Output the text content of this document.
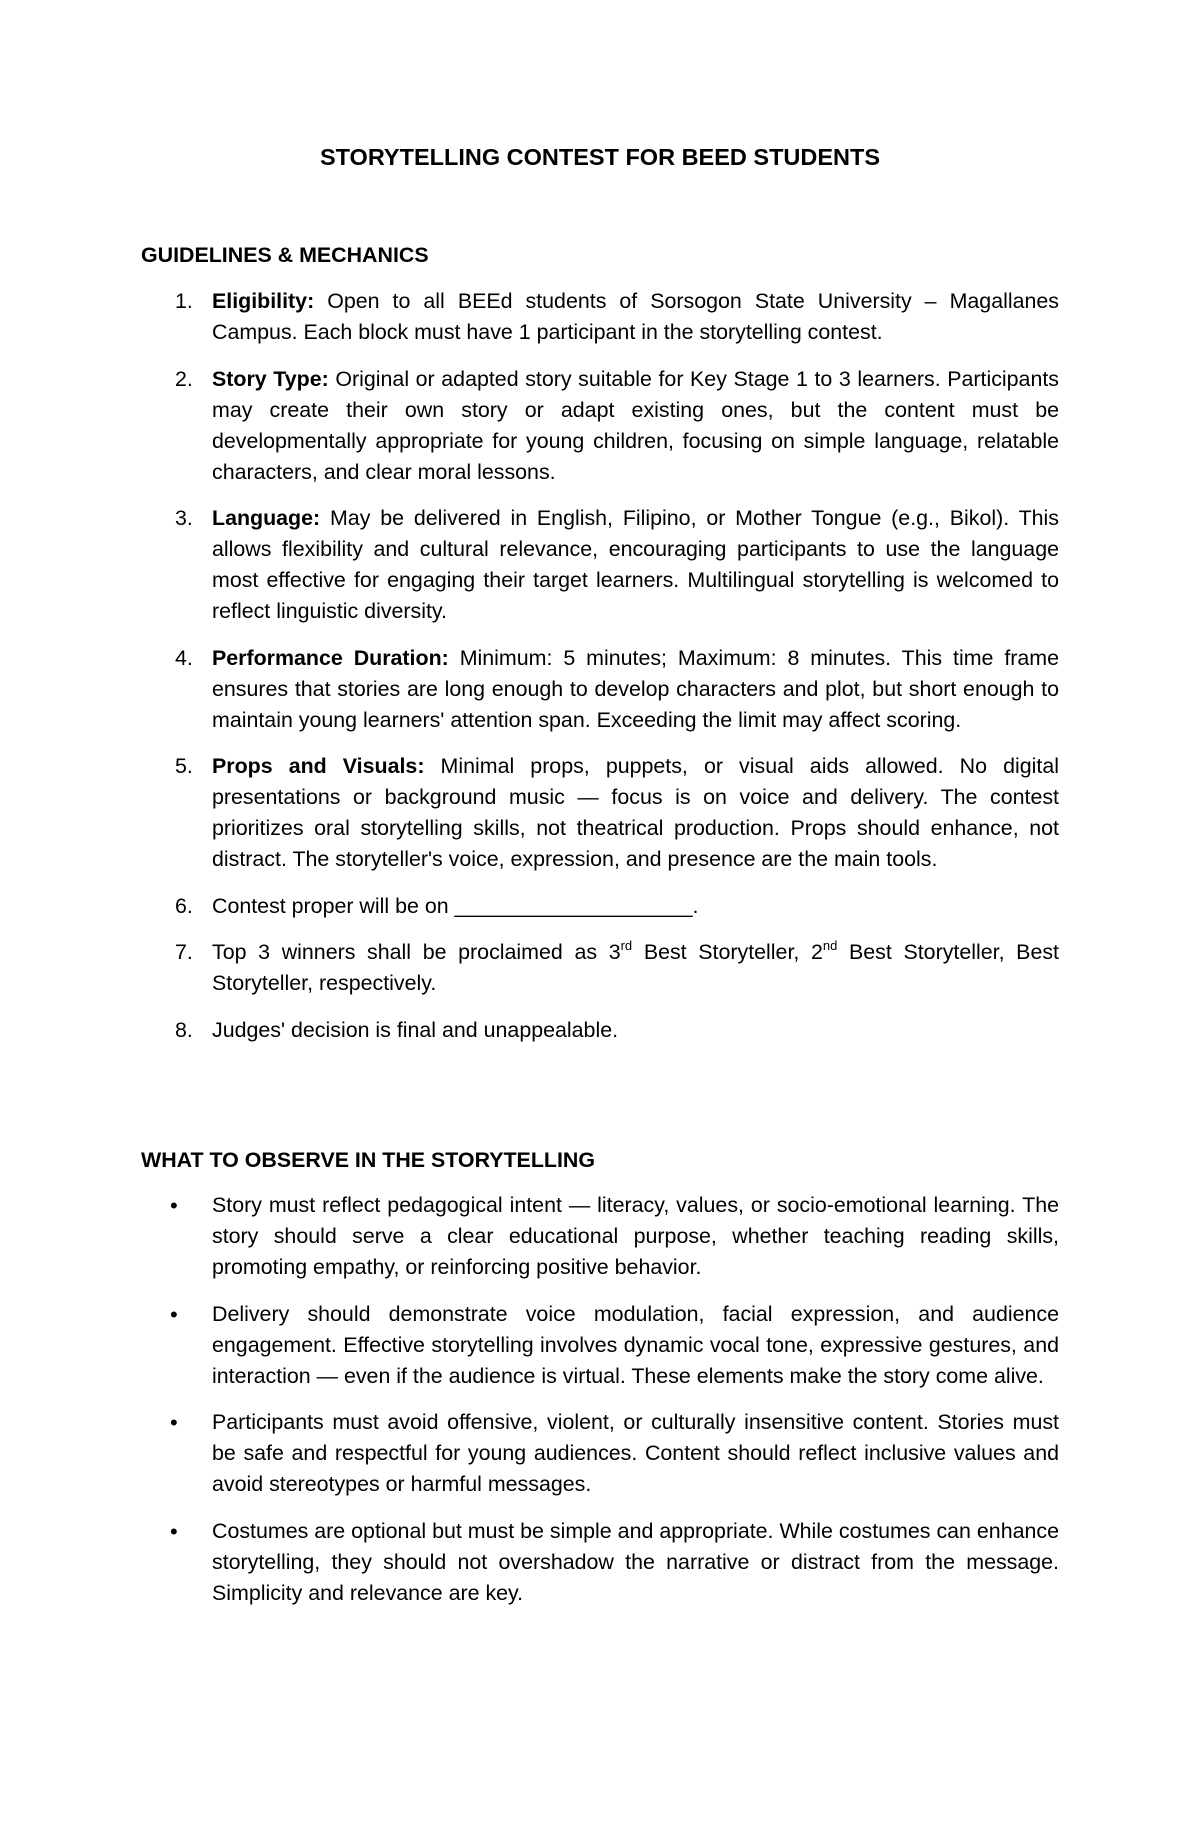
STORYTELLING CONTEST FOR BEED STUDENTS
GUIDELINES & MECHANICS
1. Eligibility: Open to all BEEd students of Sorsogon State University – Magallanes Campus. Each block must have 1 participant in the storytelling contest.
2. Story Type: Original or adapted story suitable for Key Stage 1 to 3 learners. Participants may create their own story or adapt existing ones, but the content must be developmentally appropriate for young children, focusing on simple language, relatable characters, and clear moral lessons.
3. Language: May be delivered in English, Filipino, or Mother Tongue (e.g., Bikol). This allows flexibility and cultural relevance, encouraging participants to use the language most effective for engaging their target learners. Multilingual storytelling is welcomed to reflect linguistic diversity.
4. Performance Duration: Minimum: 5 minutes; Maximum: 8 minutes. This time frame ensures that stories are long enough to develop characters and plot, but short enough to maintain young learners' attention span. Exceeding the limit may affect scoring.
5. Props and Visuals: Minimal props, puppets, or visual aids allowed. No digital presentations or background music — focus is on voice and delivery. The contest prioritizes oral storytelling skills, not theatrical production. Props should enhance, not distract. The storyteller's voice, expression, and presence are the main tools.
6. Contest proper will be on ____________________.
7. Top 3 winners shall be proclaimed as 3rd Best Storyteller, 2nd Best Storyteller, Best Storyteller, respectively.
8. Judges' decision is final and unappealable.
WHAT TO OBSERVE IN THE STORYTELLING
• Story must reflect pedagogical intent — literacy, values, or socio-emotional learning. The story should serve a clear educational purpose, whether teaching reading skills, promoting empathy, or reinforcing positive behavior.
• Delivery should demonstrate voice modulation, facial expression, and audience engagement. Effective storytelling involves dynamic vocal tone, expressive gestures, and interaction — even if the audience is virtual. These elements make the story come alive.
• Participants must avoid offensive, violent, or culturally insensitive content. Stories must be safe and respectful for young audiences. Content should reflect inclusive values and avoid stereotypes or harmful messages.
• Costumes are optional but must be simple and appropriate. While costumes can enhance storytelling, they should not overshadow the narrative or distract from the message. Simplicity and relevance are key.
